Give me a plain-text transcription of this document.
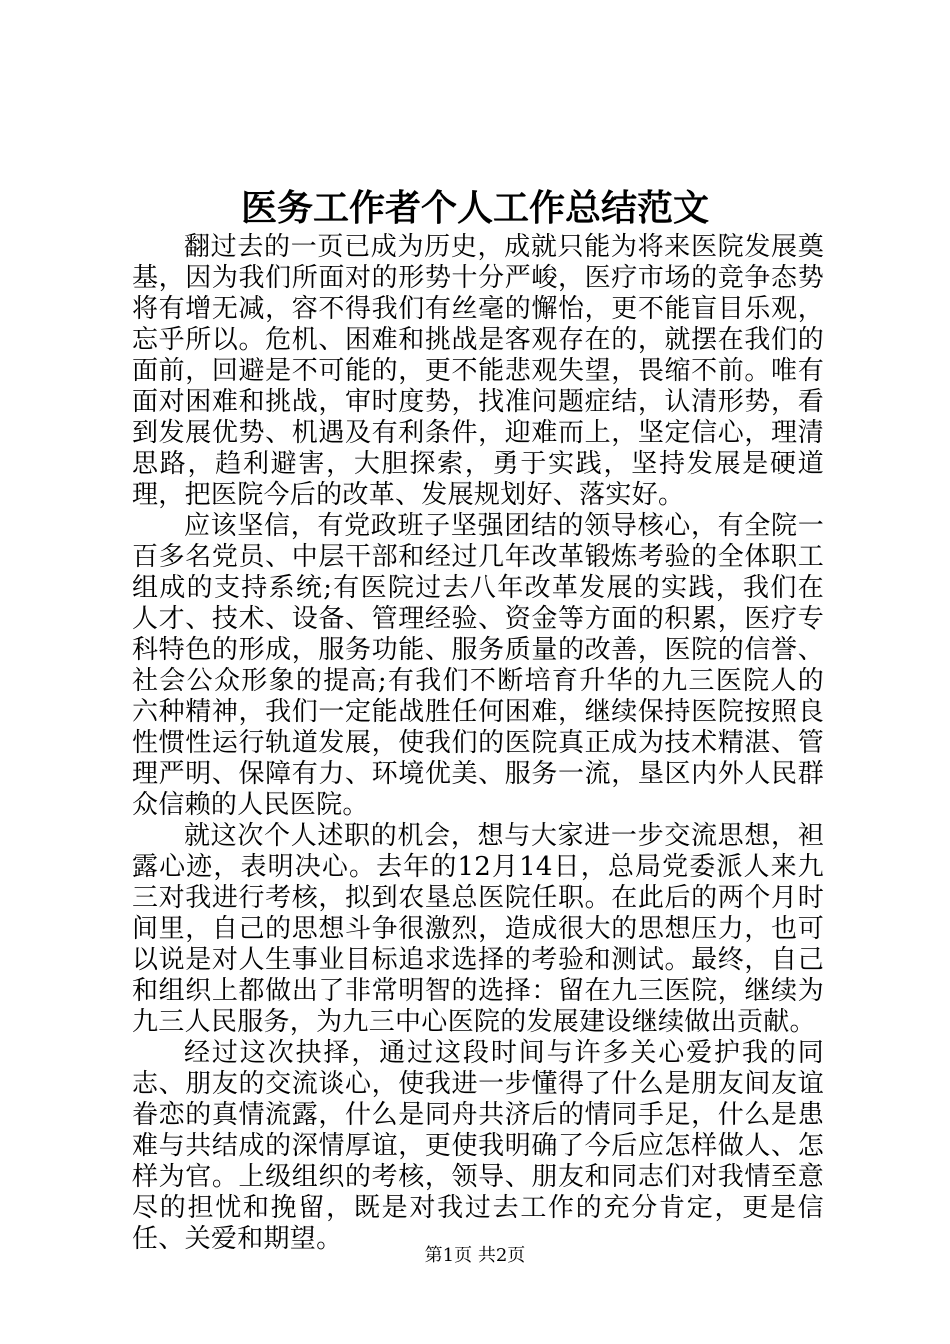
医务工作者个人工作总结范文

翻过去的一页已成为历史，成就只能为将来医院发展奠基，因为我们所面对的形势十分严峻，医疗市场的竞争态势将有增无减，容不得我们有丝毫的懈怡，更不能盲目乐观，忘乎所以。危机、困难和挑战是客观存在的，就摆在我们的面前，回避是不可能的，更不能悲观失望，畏缩不前。唯有面对困难和挑战，审时度势，找准问题症结，认清形势，看到发展优势、机遇及有利条件，迎难而上，坚定信心，理清思路，趋利避害，大胆探索，勇于实践，坚持发展是硬道理，把医院今后的改革、发展规划好、落实好。

应该坚信，有党政班子坚强团结的领导核心，有全院一百多名党员、中层干部和经过几年改革锻炼考验的全体职工组成的支持系统;有医院过去八年改革发展的实践，我们在人才、技术、设备、管理经验、资金等方面的积累，医疗专科特色的形成，服务功能、服务质量的改善，医院的信誉、社会公众形象的提高;有我们不断培育升华的九三医院人的六种精神，我们一定能战胜任何困难，继续保持医院按照良性惯性运行轨道发展，使我们的医院真正成为技术精湛、管理严明、保障有力、环境优美、服务一流，垦区内外人民群众信赖的人民医院。

就这次个人述职的机会，想与大家进一步交流思想，袒露心迹，表明决心。去年的12月14日，总局党委派人来九三对我进行考核，拟到农垦总医院任职。在此后的两个月时间里，自己的思想斗争很激烈，造成很大的思想压力，也可以说是对人生事业目标追求选择的考验和测试。最终，自己和组织上都做出了非常明智的选择：留在九三医院，继续为九三人民服务，为九三中心医院的发展建设继续做出贡献。

经过这次抉择，通过这段时间与许多关心爱护我的同志、朋友的交流谈心，使我进一步懂得了什么是朋友间友谊眷恋的真情流露，什么是同舟共济后的情同手足，什么是患难与共结成的深情厚谊，更使我明确了今后应怎样做人、怎样为官。上级组织的考核，领导、朋友和同志们对我情至意尽的担忧和挽留，既是对我过去工作的充分肯定，更是信任、关爱和期望。

第1页 共2页
